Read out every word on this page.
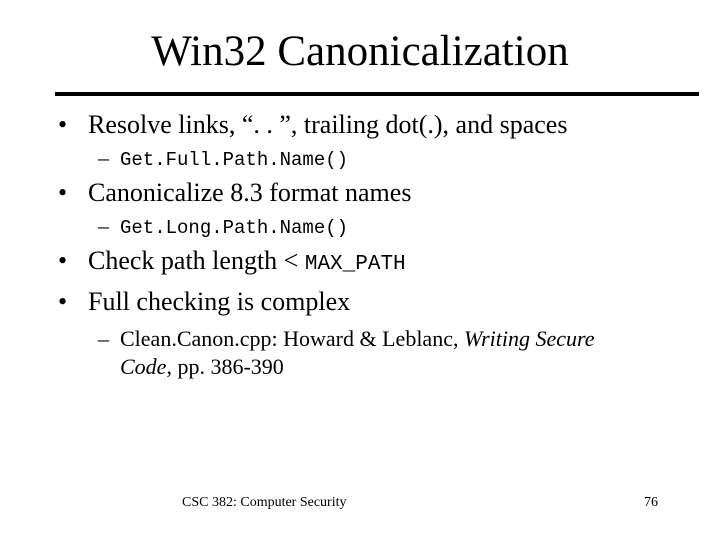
Win32 Canonicalization
• Resolve links, “. . ”, trailing dot(.), and spaces
– Get.Full.Path.Name()
• Canonicalize 8.3 format names
– Get.Long.Path.Name()
• Check path length < MAX_PATH
• Full checking is complex
– Clean.Canon.cpp: Howard & Leblanc, Writing Secure
Code, pp. 386-390
CSC 382: Computer Security	76
